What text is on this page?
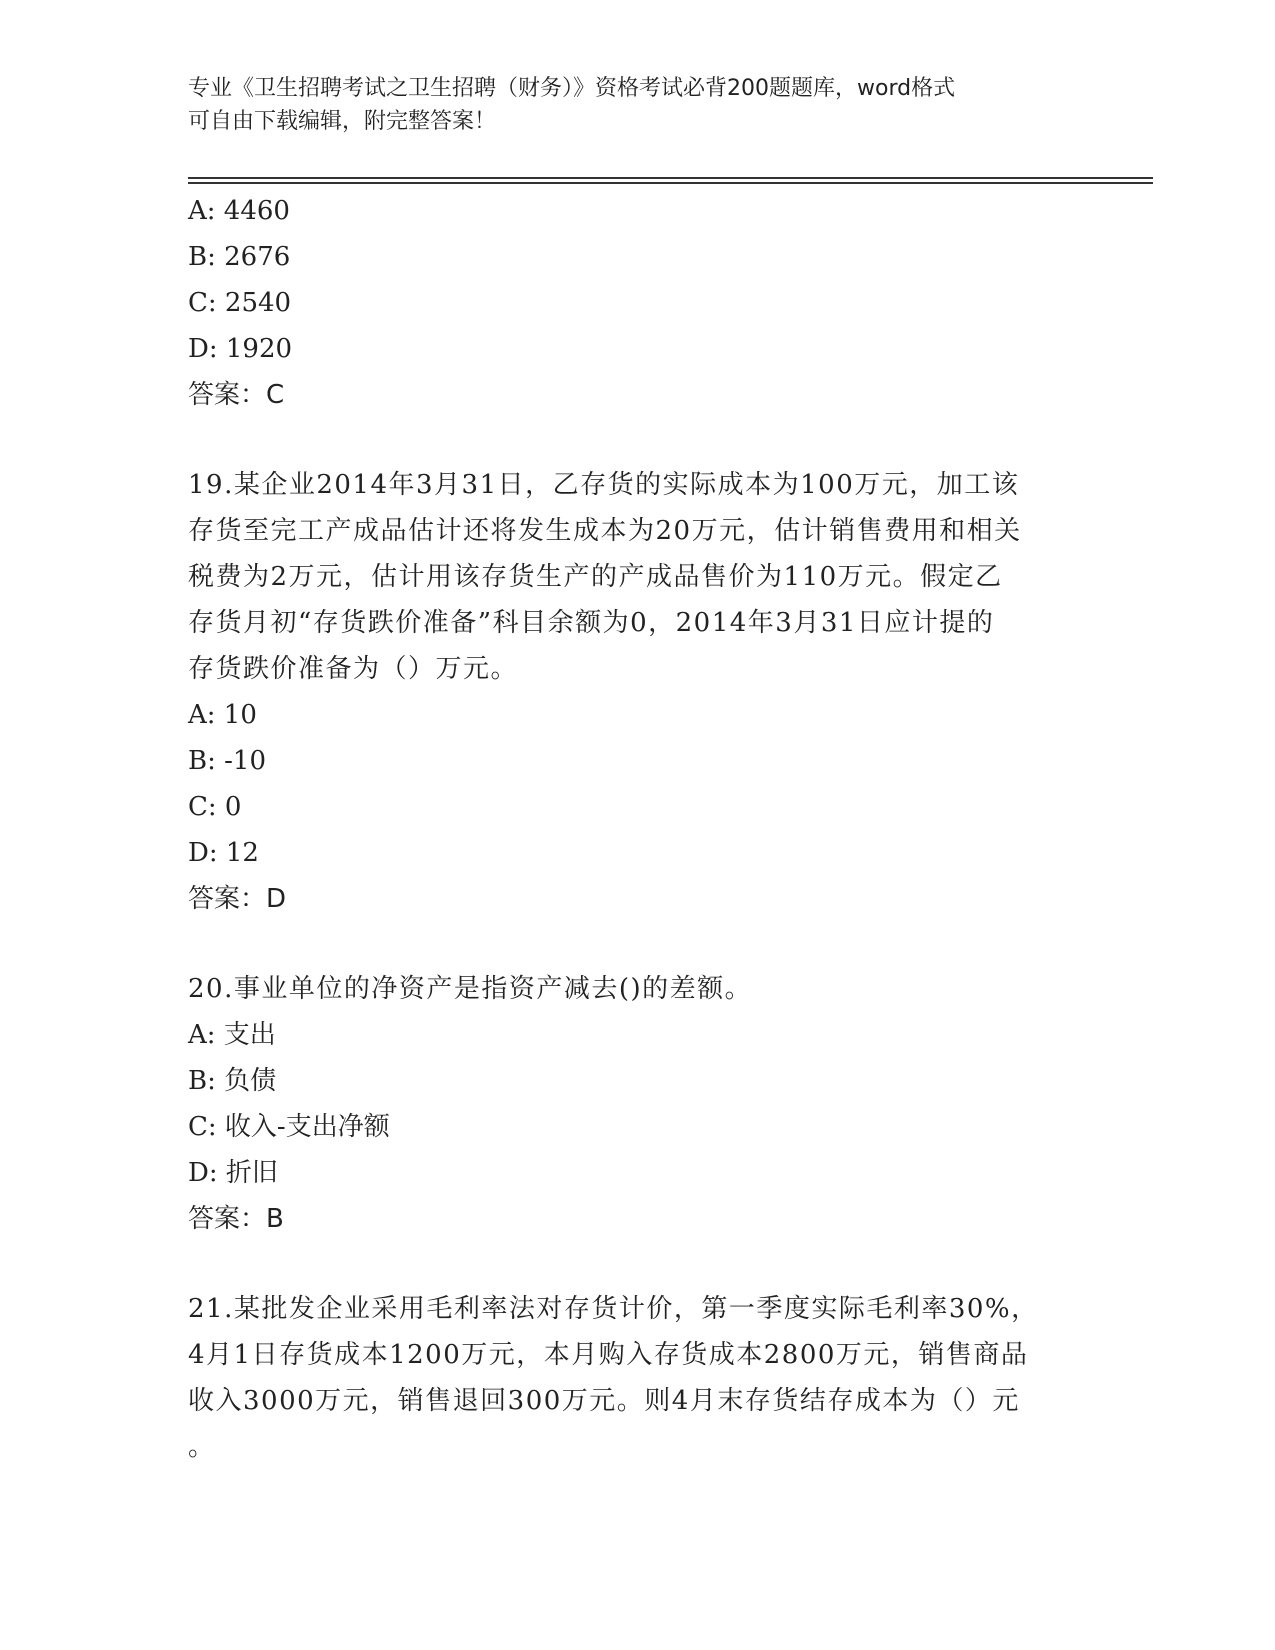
专业《卫生招聘考试之卫生招聘（财务）》资格考试必背200题题库，word格式
可自由下载编辑，附完整答案！
A: 4460
B: 2676
C: 2540
D: 1920
答案：C
19.某企业2014年3月31日，乙存货的实际成本为100万元，加工该
存货至完工产成品估计还将发生成本为20万元，估计销售费用和相关
税费为2万元，估计用该存货生产的产成品售价为110万元。假定乙
存货月初“存货跌价准备”科目余额为0，2014年3月31日应计提的
存货跌价准备为（）万元。
A: 10
B: -10
C: 0
D: 12
答案：D
20.事业单位的净资产是指资产减去()的差额。
A: 支出
B: 负债
C: 收入-支出净额
D: 折旧
答案：B
21.某批发企业采用毛利率法对存货计价，第一季度实际毛利率30%，
4月1日存货成本1200万元，本月购入存货成本2800万元，销售商品
收入3000万元，销售退回300万元。则4月末存货结存成本为（）元
。
